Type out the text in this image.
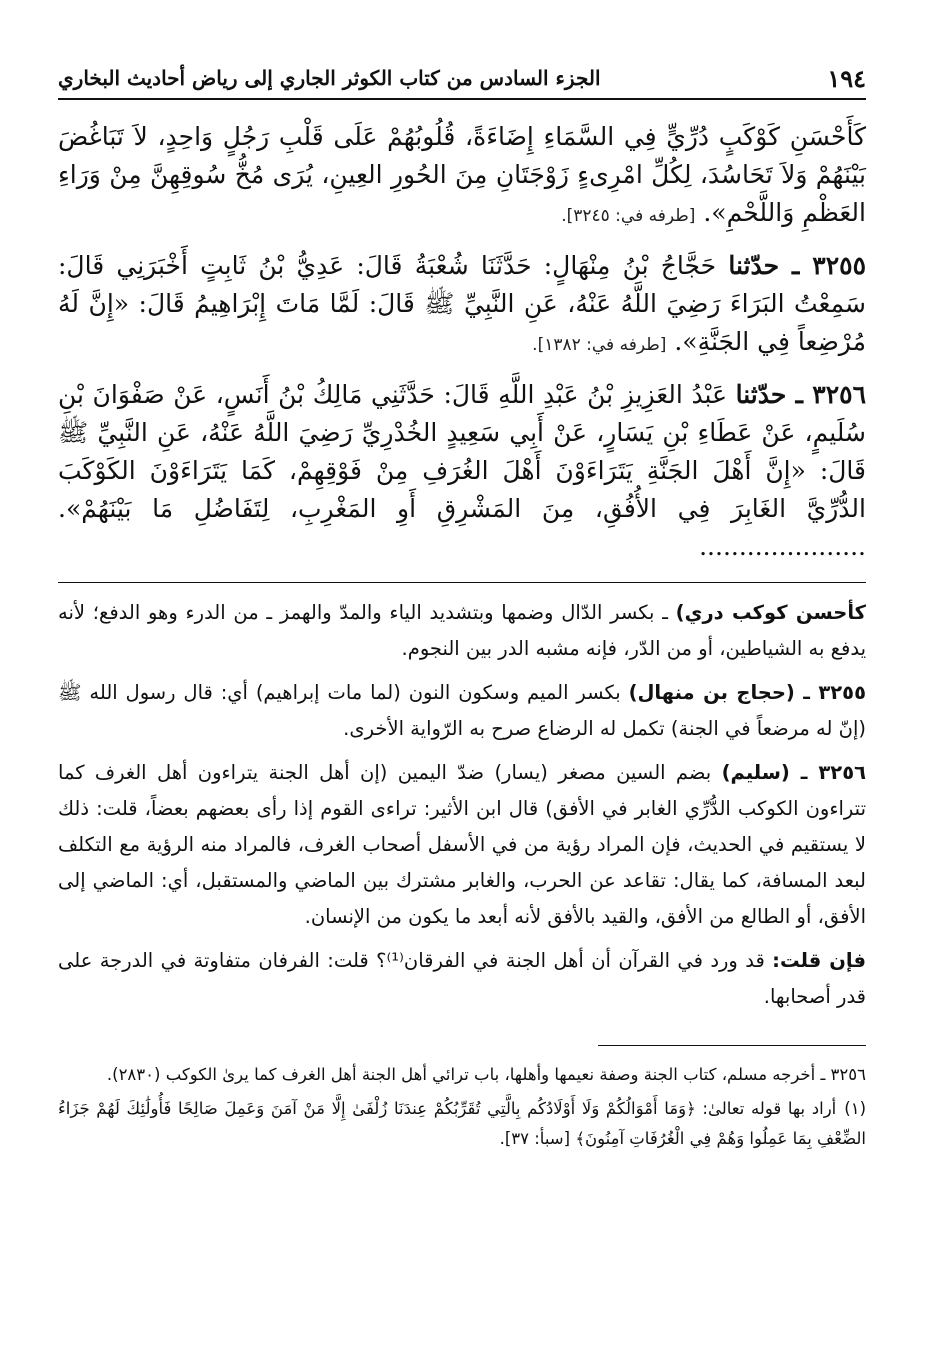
١٩٤
الجزء السادس من كتاب الكوثر الجاري إلى رياض أحاديث البخاري

كَأَحْسَنِ كَوْكَبٍ دُرِّيٍّ فِي السَّمَاءِ إِضَاءَةً، قُلُوبُهُمْ عَلَى قَلْبِ رَجُلٍ وَاحِدٍ، لاَ تَبَاغُضَ بَيْنَهُمْ وَلاَ تَحَاسُدَ، لِكُلِّ امْرِىءٍ زَوْجَتَانِ مِنَ الحُورِ العِينِ، يُرَى مُخُّ سُوقِهِنَّ مِنْ وَرَاءِ العَظْمِ وَاللَّحْمِ». [طرفه في: ٣٢٤٥].

٣٢٥٥ ـ حدّثنا حَجَّاجُ بْنُ مِنْهَالٍ: حَدَّثَنَا شُعْبَةُ قَالَ: عَدِيُّ بْنُ ثَابِتٍ أَخْبَرَنِي قَالَ: سَمِعْتُ البَرَاءَ رَضِيَ اللَّهُ عَنْهُ، عَنِ النَّبِيِّ ﷺ قَالَ: لَمَّا مَاتَ إِبْرَاهِيمُ قَالَ: «إِنَّ لَهُ مُرْضِعاً فِي الجَنَّةِ». [طرفه في: ١٣٨٢].

٣٢٥٦ ـ حدّثنا عَبْدُ العَزِيزِ بْنُ عَبْدِ اللَّهِ قَالَ: حَدَّثَنِي مَالِكُ بْنُ أَنَسٍ، عَنْ صَفْوَانَ بْنِ سُلَيمٍ، عَنْ عَطَاءِ بْنِ يَسَارٍ، عَنْ أَبِي سَعِيدٍ الخُدْرِيِّ رَضِيَ اللَّهُ عَنْهُ، عَنِ النَّبِيِّ ﷺ قَالَ: «إِنَّ أَهْلَ الجَنَّةِ يَتَرَاءَوْنَ أَهْلَ الغُرَفِ مِنْ فَوْقِهِمْ، كَمَا يَتَرَاءَوْنَ الكَوْكَبَ الدُّرِّيَّ الغَابِرَ فِي الأُفُقِ، مِنَ المَشْرِقِ أَوِ المَغْرِبِ، لِتَفَاضُلِ مَا بَيْنَهُمْ». .....................

كأحسن كوكب دري) ـ بكسر الدّال وضمها وبتشديد الياء والمدّ والهمز ـ من الدرء وهو الدفع؛ لأنه يدفع به الشياطين، أو من الدّر، فإنه مشبه الدر بين النجوم.

٣٢٥٥ ـ (حجاج بن منهال) بكسر الميم وسكون النون (لما مات إبراهيم) أي: قال رسول الله ﷺ (إنّ له مرضعاً في الجنة) تكمل له الرضاع صرح به الرّواية الأخرى.

٣٢٥٦ ـ (سليم) بضم السين مصغر (يسار) ضدّ اليمين (إن أهل الجنة يتراءون أهل الغرف كما تتراءون الكوكب الدُّرِّي الغابر في الأفق) قال ابن الأثير: تراءى القوم إذا رأى بعضهم بعضاً، قلت: ذلك لا يستقيم في الحديث، فإن المراد رؤية من في الأسفل أصحاب الغرف، فالمراد منه الرؤية مع التكلف لبعد المسافة، كما يقال: تقاعد عن الحرب، والغابر مشترك بين الماضي والمستقبل، أي: الماضي إلى الأفق، أو الطالع من الأفق، والقيد بالأفق لأنه أبعد ما يكون من الإنسان.

فإن قلت: قد ورد في القرآن أن أهل الجنة في الفرقان⁽¹⁾؟ قلت: الفرفان متفاوتة في الدرجة على قدر أصحابها.

٣٢٥٦ ـ أخرجه مسلم، كتاب الجنة وصفة نعيمها وأهلها، باب ترائي أهل الجنة أهل الغرف كما يرىٰ الكوكب (٢٨٣٠).

(١)أراد بها قوله تعالىٰ: ﴿وَمَا أَمْوَالُكُمْ وَلَا أَوْلَادُكُم بِالَّتِي تُقَرِّبُكُمْ عِندَنَا زُلْفَىٰ إِلَّا مَنْ آمَنَ وَعَمِلَ صَالِحًا فَأُولَٰئِكَ لَهُمْ جَزَاءُ الضِّعْفِ بِمَا عَمِلُوا وَهُمْ فِي الْغُرُفَاتِ آمِنُونَ﴾ [سبأ: ٣٧].
